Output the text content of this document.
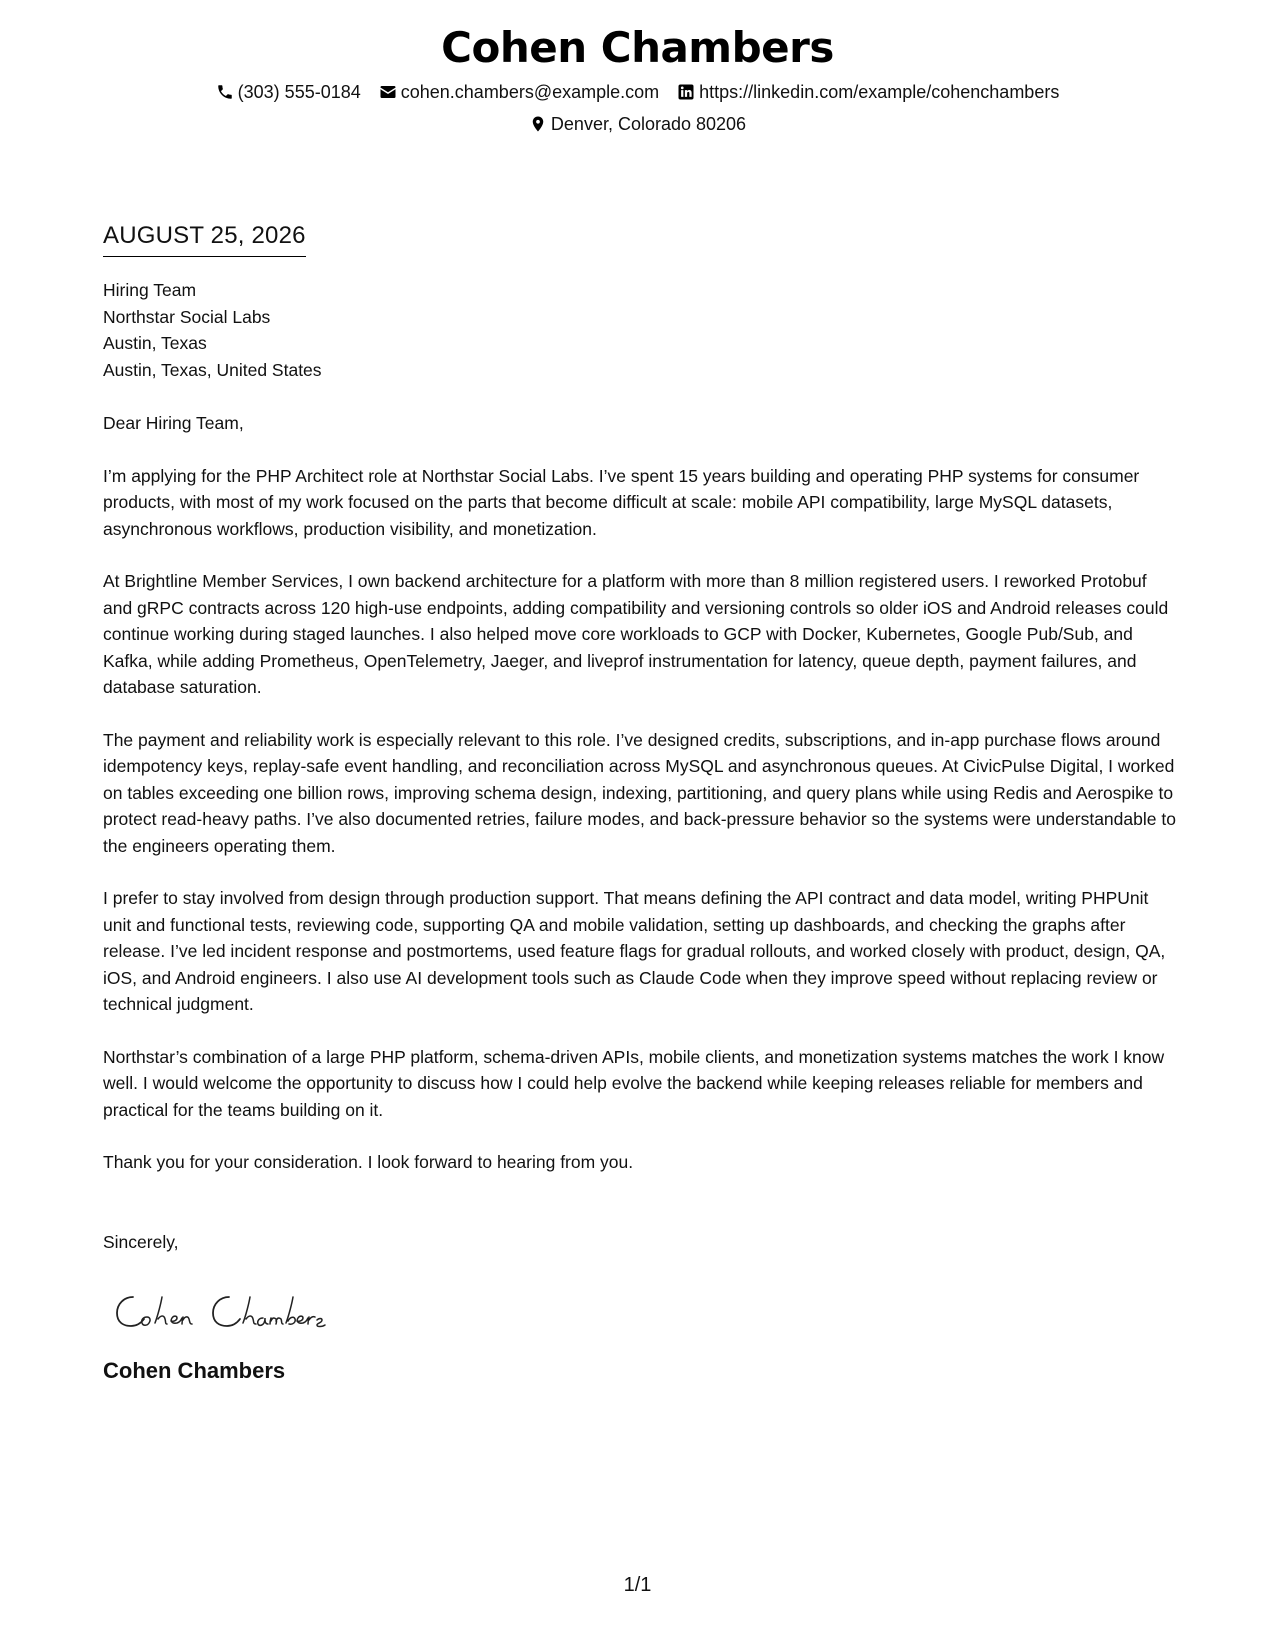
Cohen Chambers
(303) 555-0184 cohen.chambers@example.com https://linkedin.com/example/cohenchambers
Denver, Colorado 80206
AUGUST 25, 2026
Hiring Team
Northstar Social Labs
Austin, Texas
Austin, Texas, United States
Dear Hiring Team,

I’m applying for the PHP Architect role at Northstar Social Labs. I’ve spent 15 years building and operating PHP systems for consumer products, with most of my work focused on the parts that become difficult at scale: mobile API compatibility, large MySQL datasets, asynchronous workflows, production visibility, and monetization.

At Brightline Member Services, I own backend architecture for a platform with more than 8 million registered users. I reworked Protobuf and gRPC contracts across 120 high-use endpoints, adding compatibility and versioning controls so older iOS and Android releases could continue working during staged launches. I also helped move core workloads to GCP with Docker, Kubernetes, Google Pub/Sub, and Kafka, while adding Prometheus, OpenTelemetry, Jaeger, and liveprof instrumentation for latency, queue depth, payment failures, and database saturation.

The payment and reliability work is especially relevant to this role. I’ve designed credits, subscriptions, and in-app purchase flows around idempotency keys, replay-safe event handling, and reconciliation across MySQL and asynchronous queues. At CivicPulse Digital, I worked on tables exceeding one billion rows, improving schema design, indexing, partitioning, and query plans while using Redis and Aerospike to protect read-heavy paths. I’ve also documented retries, failure modes, and back-pressure behavior so the systems were understandable to the engineers operating them.

I prefer to stay involved from design through production support. That means defining the API contract and data model, writing PHPUnit unit and functional tests, reviewing code, supporting QA and mobile validation, setting up dashboards, and checking the graphs after release. I’ve led incident response and postmortems, used feature flags for gradual rollouts, and worked closely with product, design, QA, iOS, and Android engineers. I also use AI development tools such as Claude Code when they improve speed without replacing review or technical judgment.

Northstar’s combination of a large PHP platform, schema-driven APIs, mobile clients, and monetization systems matches the work I know well. I would welcome the opportunity to discuss how I could help evolve the backend while keeping releases reliable for members and practical for the teams building on it.

Thank you for your consideration. I look forward to hearing from you.

Sincerely,
Cohen Chambers
1/1
